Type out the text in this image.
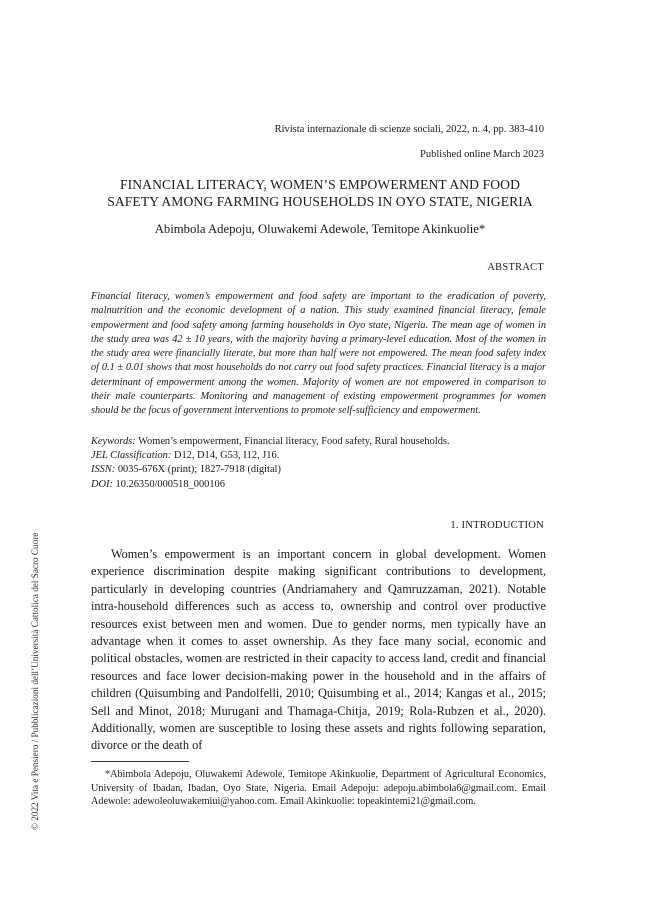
Rivista internazionale di scienze sociali, 2022, n. 4, pp. 383-410
Published online March 2023
FINANCIAL LITERACY, WOMEN’S EMPOWERMENT AND FOOD
SAFETY AMONG FARMING HOUSEHOLDS IN OYO STATE, NIGERIA
Abimbola Adepoju, Oluwakemi Adewole, Temitope Akinkuolie*
ABSTRACT

Financial literacy, women’s empowerment and food safety are important to the eradication of poverty, malnutrition and the economic development of a nation. This study examined financial literacy, female empowerment and food safety among farming households in Oyo state, Nigeria. The mean age of women in the study area was 42 ± 10 years, with the majority having a primary-level education. Most of the women in the study area were financially literate, but more than half were not empowered. The mean food safety index of 0.1 ± 0.01 shows that most households do not carry out food safety practices. Financial literacy is a major determinant of empowerment among the women. Majority of women are not empowered in comparison to their male counterparts. Monitoring and management of existing empowerment programmes for women should be the focus of government interventions to promote self-sufficiency and empowerment.

Keywords: Women’s empowerment, Financial literacy, Food safety, Rural households.
JEL Classification: D12, D14, G53, I12, J16.
ISSN: 0035-676X (print); 1827-7918 (digital)
DOI: 10.26350/000518_000106
1. INTRODUCTION

Women’s empowerment is an important concern in global development. Women experience discrimination despite making significant contributions to development, particularly in developing countries (Andriamahery and Qamruzzaman, 2021). Notable intra-household differences such as access to, ownership and control over productive resources exist between men and women. Due to gender norms, men typically have an advantage when it comes to asset ownership. As they face many social, economic and political obstacles, women are restricted in their capacity to access land, credit and financial resources and face lower decision-making power in the household and in the affairs of children (Quisumbing and Pandolfelli, 2010; Quisumbing et al., 2014; Kangas et al., 2015; Sell and Minot, 2018; Murugani and Thamaga-Chitja, 2019; Rola-Rubzen et al., 2020). Additionally, women are susceptible to losing these assets and rights following separation, divorce or the death of

*Abimbola Adepoju, Oluwakemi Adewole, Temitope Akinkuolie, Department of Agricultural Economics, University of Ibadan, Ibadan, Oyo State, Nigeria. Email Adepoju: adepoju.abimbola6@gmail.com. Email Adewole: adewoleoluwakemiui@yahoo.com. Email Akinkuolie: topeakintemi21@gmail.com.

© 2022 Vita e Pensiero / Pubblicazioni dell’Università Cattolica del Sacro Cuore
